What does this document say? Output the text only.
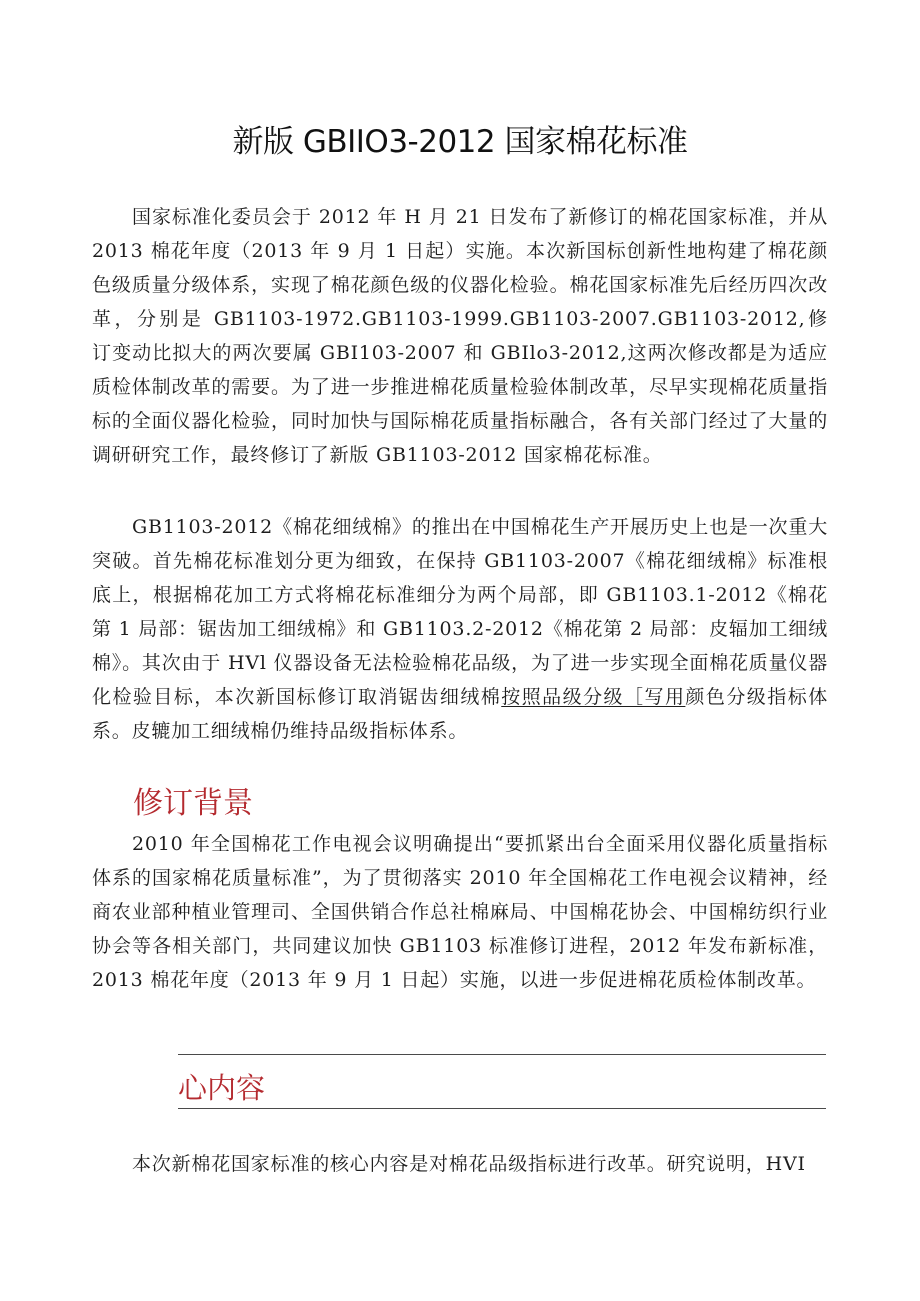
新版 GBIIO3-2012 国家棉花标准

国家标准化委员会于 2012 年 H 月 21 日发布了新修订的棉花国家标准，并从 2013 棉花年度（2013 年 9 月 1 日起）实施。本次新国标创新性地构建了棉花颜色级质量分级体系，实现了棉花颜色级的仪器化检验。棉花国家标准先后经历四次改革，分别是 GB1103-1972.GB1103-1999.GB1103-2007.GB1103-2012,修订变动比拟大的两次要属 GBI103-2007 和 GBIlo3-2012,这两次修改都是为适应质检体制改革的需要。为了进一步推进棉花质量检验体制改革，尽早实现棉花质量指标的全面仪器化检验，同时加快与国际棉花质量指标融合，各有关部门经过了大量的调研研究工作，最终修订了新版 GB1103-2012 国家棉花标准。

GB1103-2012《棉花细绒棉》的推出在中国棉花生产开展历史上也是一次重大突破。首先棉花标准划分更为细致，在保持 GB1103-2007《棉花细绒棉》标准根底上，根据棉花加工方式将棉花标准细分为两个局部，即 GB1103.1-2012《棉花第 1 局部：锯齿加工细绒棉》和 GB1103.2-2012《棉花第 2 局部：皮辐加工细绒棉》。其次由于 HVl 仪器设备无法检验棉花品级，为了进一步实现全面棉花质量仪器化检验目标，本次新国标修订取消锯齿细绒棉按照品级分级［写用颜色分级指标体系。皮辘加工细绒棉仍维持品级指标体系。

修订背景

2010 年全国棉花工作电视会议明确提出“要抓紧出台全面采用仪器化质量指标体系的国家棉花质量标准”，为了贯彻落实 2010 年全国棉花工作电视会议精神，经商农业部种植业管理司、全国供销合作总社棉麻局、中国棉花协会、中国棉纺织行业协会等各相关部门，共同建议加快 GB1103 标准修订进程，2012 年发布新标准，2013 棉花年度（2013 年 9 月 1 日起）实施，以进一步促进棉花质检体制改革。

心内容

本次新棉花国家标准的核心内容是对棉花品级指标进行改革。研究说明，HVI
